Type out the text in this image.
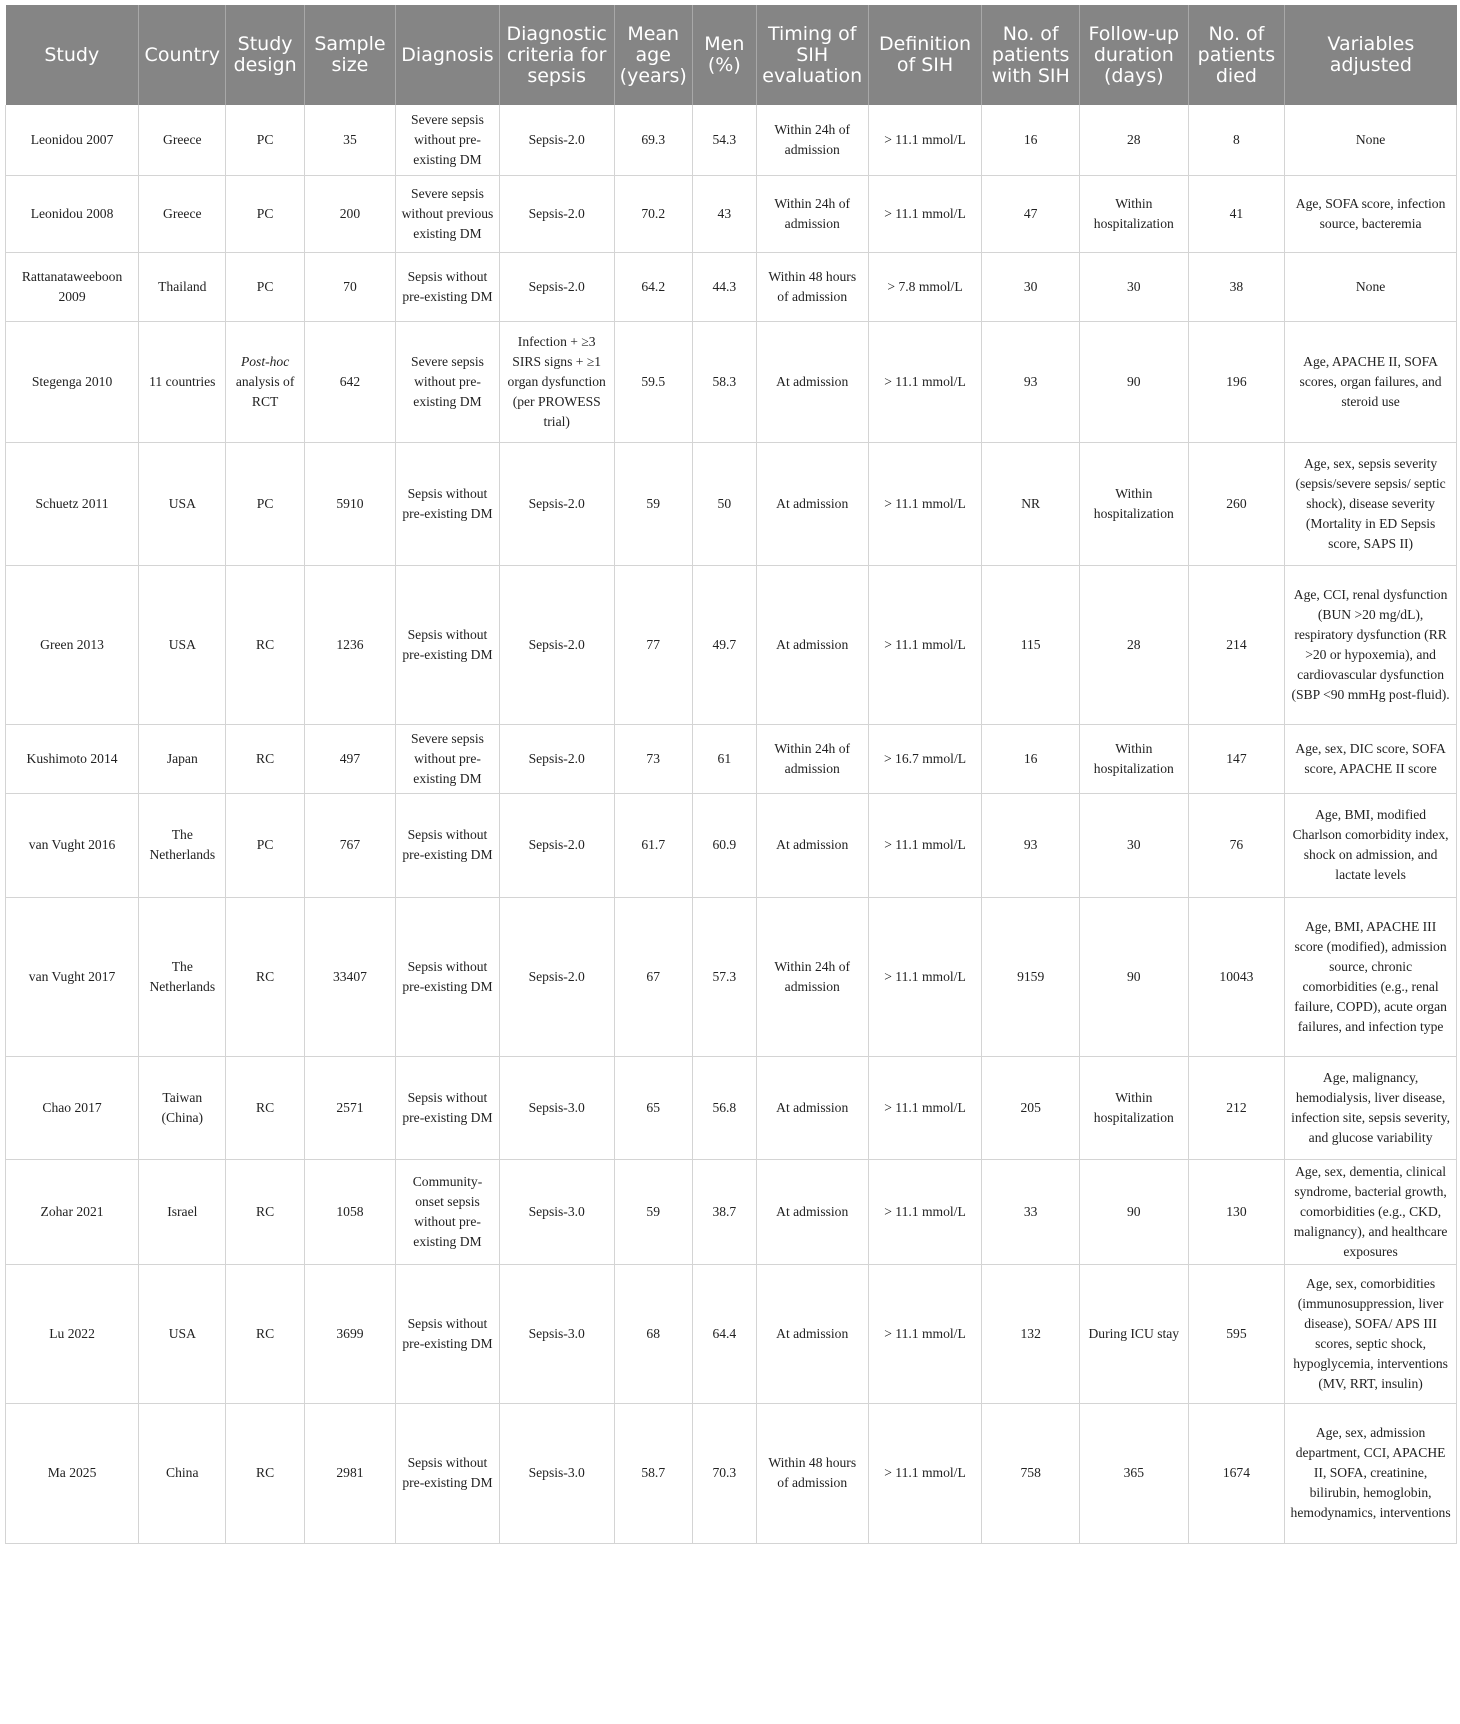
Study	Country	Study design	Sample size	Diagnosis	Diagnostic criteria for sepsis	Mean age (years)	Men (%)	Timing of SIH evaluation	Definition of SIH	No. of patients with SIH	Follow-up duration (days)	No. of patients died	Variables adjusted
Leonidou 2007	Greece	PC	35	Severe sepsis without pre-existing DM	Sepsis-2.0	69.3	54.3	Within 24h of admission	> 11.1 mmol/L	16	28	8	None
Leonidou 2008	Greece	PC	200	Severe sepsis without previous existing DM	Sepsis-2.0	70.2	43	Within 24h of admission	> 11.1 mmol/L	47	Within hospitalization	41	Age, SOFA score, infection source, bacteremia
Rattanataweeboon 2009	Thailand	PC	70	Sepsis without pre-existing DM	Sepsis-2.0	64.2	44.3	Within 48 hours of admission	> 7.8 mmol/L	30	30	38	None
Stegenga 2010	11 countries	Post-hoc analysis of RCT	642	Severe sepsis without pre-existing DM	Infection + ≥3 SIRS signs + ≥1 organ dysfunction (per PROWESS trial)	59.5	58.3	At admission	> 11.1 mmol/L	93	90	196	Age, APACHE II, SOFA scores, organ failures, and steroid use
Schuetz 2011	USA	PC	5910	Sepsis without pre-existing DM	Sepsis-2.0	59	50	At admission	> 11.1 mmol/L	NR	Within hospitalization	260	Age, sex, sepsis severity (sepsis/severe sepsis/ septic shock), disease severity (Mortality in ED Sepsis score, SAPS II)
Green 2013	USA	RC	1236	Sepsis without pre-existing DM	Sepsis-2.0	77	49.7	At admission	> 11.1 mmol/L	115	28	214	Age, CCI, renal dysfunction (BUN >20 mg/dL), respiratory dysfunction (RR >20 or hypoxemia), and cardiovascular dysfunction (SBP <90 mmHg post-fluid).
Kushimoto 2014	Japan	RC	497	Severe sepsis without pre-existing DM	Sepsis-2.0	73	61	Within 24h of admission	> 16.7 mmol/L	16	Within hospitalization	147	Age, sex, DIC score, SOFA score, APACHE II score
van Vught 2016	The Netherlands	PC	767	Sepsis without pre-existing DM	Sepsis-2.0	61.7	60.9	At admission	> 11.1 mmol/L	93	30	76	Age, BMI, modified Charlson comorbidity index, shock on admission, and lactate levels
van Vught 2017	The Netherlands	RC	33407	Sepsis without pre-existing DM	Sepsis-2.0	67	57.3	Within 24h of admission	> 11.1 mmol/L	9159	90	10043	Age, BMI, APACHE III score (modified), admission source, chronic comorbidities (e.g., renal failure, COPD), acute organ failures, and infection type
Chao 2017	Taiwan (China)	RC	2571	Sepsis without pre-existing DM	Sepsis-3.0	65	56.8	At admission	> 11.1 mmol/L	205	Within hospitalization	212	Age, malignancy, hemodialysis, liver disease, infection site, sepsis severity, and glucose variability
Zohar 2021	Israel	RC	1058	Community-onset sepsis without pre-existing DM	Sepsis-3.0	59	38.7	At admission	> 11.1 mmol/L	33	90	130	Age, sex, dementia, clinical syndrome, bacterial growth, comorbidities (e.g., CKD, malignancy), and healthcare exposures
Lu 2022	USA	RC	3699	Sepsis without pre-existing DM	Sepsis-3.0	68	64.4	At admission	> 11.1 mmol/L	132	During ICU stay	595	Age, sex, comorbidities (immunosuppression, liver disease), SOFA/ APS III scores, septic shock, hypoglycemia, interventions (MV, RRT, insulin)
Ma 2025	China	RC	2981	Sepsis without pre-existing DM	Sepsis-3.0	58.7	70.3	Within 48 hours of admission	> 11.1 mmol/L	758	365	1674	Age, sex, admission department, CCI, APACHE II, SOFA, creatinine, bilirubin, hemoglobin, hemodynamics, interventions
